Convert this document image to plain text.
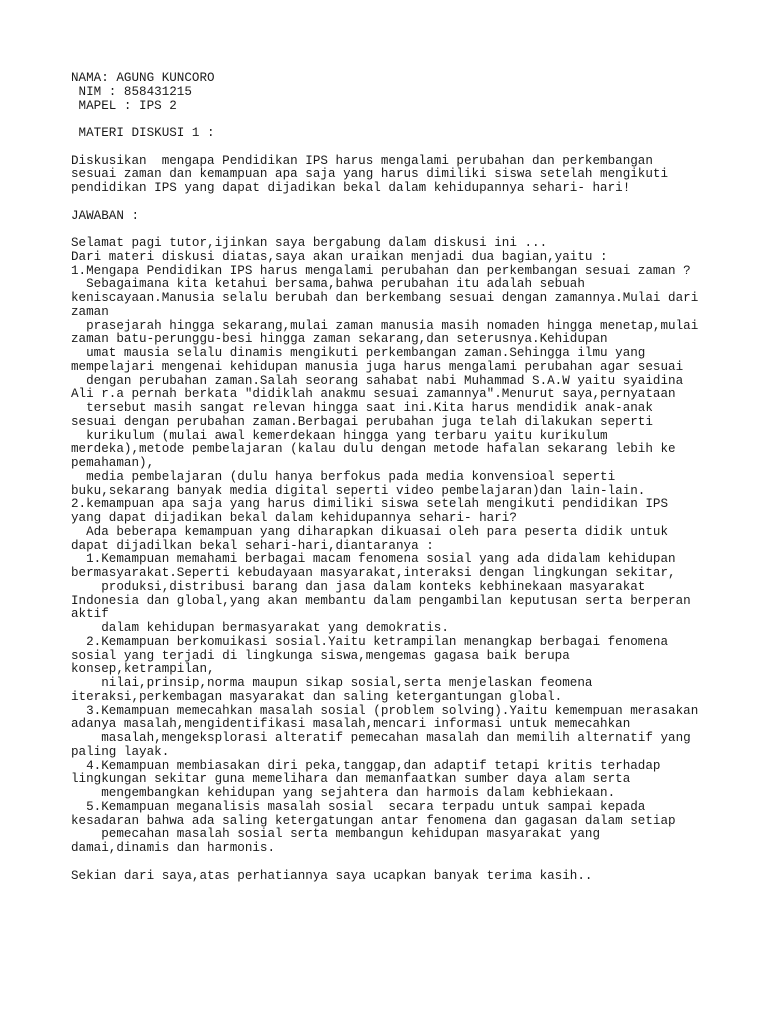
NAMA: AGUNG KUNCORO
NIM : 858431215
MAPEL : IPS 2
MATERI DISKUSI 1 :
Diskusikan  mengapa Pendidikan IPS harus mengalami perubahan dan perkembangan
sesuai zaman dan kemampuan apa saja yang harus dimiliki siswa setelah mengikuti
pendidikan IPS yang dapat dijadikan bekal dalam kehidupannya sehari- hari!
JAWABAN :
Selamat pagi tutor,ijinkan saya bergabung dalam diskusi ini ...
Dari materi diskusi diatas,saya akan uraikan menjadi dua bagian,yaitu :
1.Mengapa Pendidikan IPS harus mengalami perubahan dan perkembangan sesuai zaman ?
Sebagaimana kita ketahui bersama,bahwa perubahan itu adalah sebuah
keniscayaan.Manusia selalu berubah dan berkembang sesuai dengan zamannya.Mulai dari
zaman
prasejarah hingga sekarang,mulai zaman manusia masih nomaden hingga menetap,mulai
zaman batu-perunggu-besi hingga zaman sekarang,dan seterusnya.Kehidupan
umat mausia selalu dinamis mengikuti perkembangan zaman.Sehingga ilmu yang
mempelajari mengenai kehidupan manusia juga harus mengalami perubahan agar sesuai
dengan perubahan zaman.Salah seorang sahabat nabi Muhammad S.A.W yaitu syaidina
Ali r.a pernah berkata "didiklah anakmu sesuai zamannya".Menurut saya,pernyataan
tersebut masih sangat relevan hingga saat ini.Kita harus mendidik anak-anak
sesuai dengan perubahan zaman.Berbagai perubahan juga telah dilakukan seperti
kurikulum (mulai awal kemerdekaan hingga yang terbaru yaitu kurikulum
merdeka),metode pembelajaran (kalau dulu dengan metode hafalan sekarang lebih ke
pemahaman),
media pembelajaran (dulu hanya berfokus pada media konvensioal seperti
buku,sekarang banyak media digital seperti video pembelajaran)dan lain-lain.
2.kemampuan apa saja yang harus dimiliki siswa setelah mengikuti pendidikan IPS
yang dapat dijadikan bekal dalam kehidupannya sehari- hari?
Ada beberapa kemampuan yang diharapkan dikuasai oleh para peserta didik untuk
dapat dijadilkan bekal sehari-hari,diantaranya :
1.Kemampuan memahami berbagai macam fenomena sosial yang ada didalam kehidupan
bermasyarakat.Seperti kebudayaan masyarakat,interaksi dengan lingkungan sekitar,
produksi,distribusi barang dan jasa dalam konteks kebhinekaan masyarakat
Indonesia dan global,yang akan membantu dalam pengambilan keputusan serta berperan
aktif
dalam kehidupan bermasyarakat yang demokratis.
2.Kemampuan berkomuikasi sosial.Yaitu ketrampilan menangkap berbagai fenomena
sosial yang terjadi di lingkunga siswa,mengemas gagasa baik berupa
konsep,ketrampilan,
nilai,prinsip,norma maupun sikap sosial,serta menjelaskan feomena
iteraksi,perkembagan masyarakat dan saling ketergantungan global.
3.Kemampuan memecahkan masalah sosial (problem solving).Yaitu kemempuan merasakan
adanya masalah,mengidentifikasi masalah,mencari informasi untuk memecahkan
masalah,mengeksplorasi alteratif pemecahan masalah dan memilih alternatif yang
paling layak.
4.Kemampuan membiasakan diri peka,tanggap,dan adaptif tetapi kritis terhadap
lingkungan sekitar guna memelihara dan memanfaatkan sumber daya alam serta
mengembangkan kehidupan yang sejahtera dan harmois dalam kebhiekaan.
5.Kemampuan meganalisis masalah sosial  secara terpadu untuk sampai kepada
kesadaran bahwa ada saling ketergatungan antar fenomena dan gagasan dalam setiap
pemecahan masalah sosial serta membangun kehidupan masyarakat yang
damai,dinamis dan harmonis.
Sekian dari saya,atas perhatiannya saya ucapkan banyak terima kasih..
